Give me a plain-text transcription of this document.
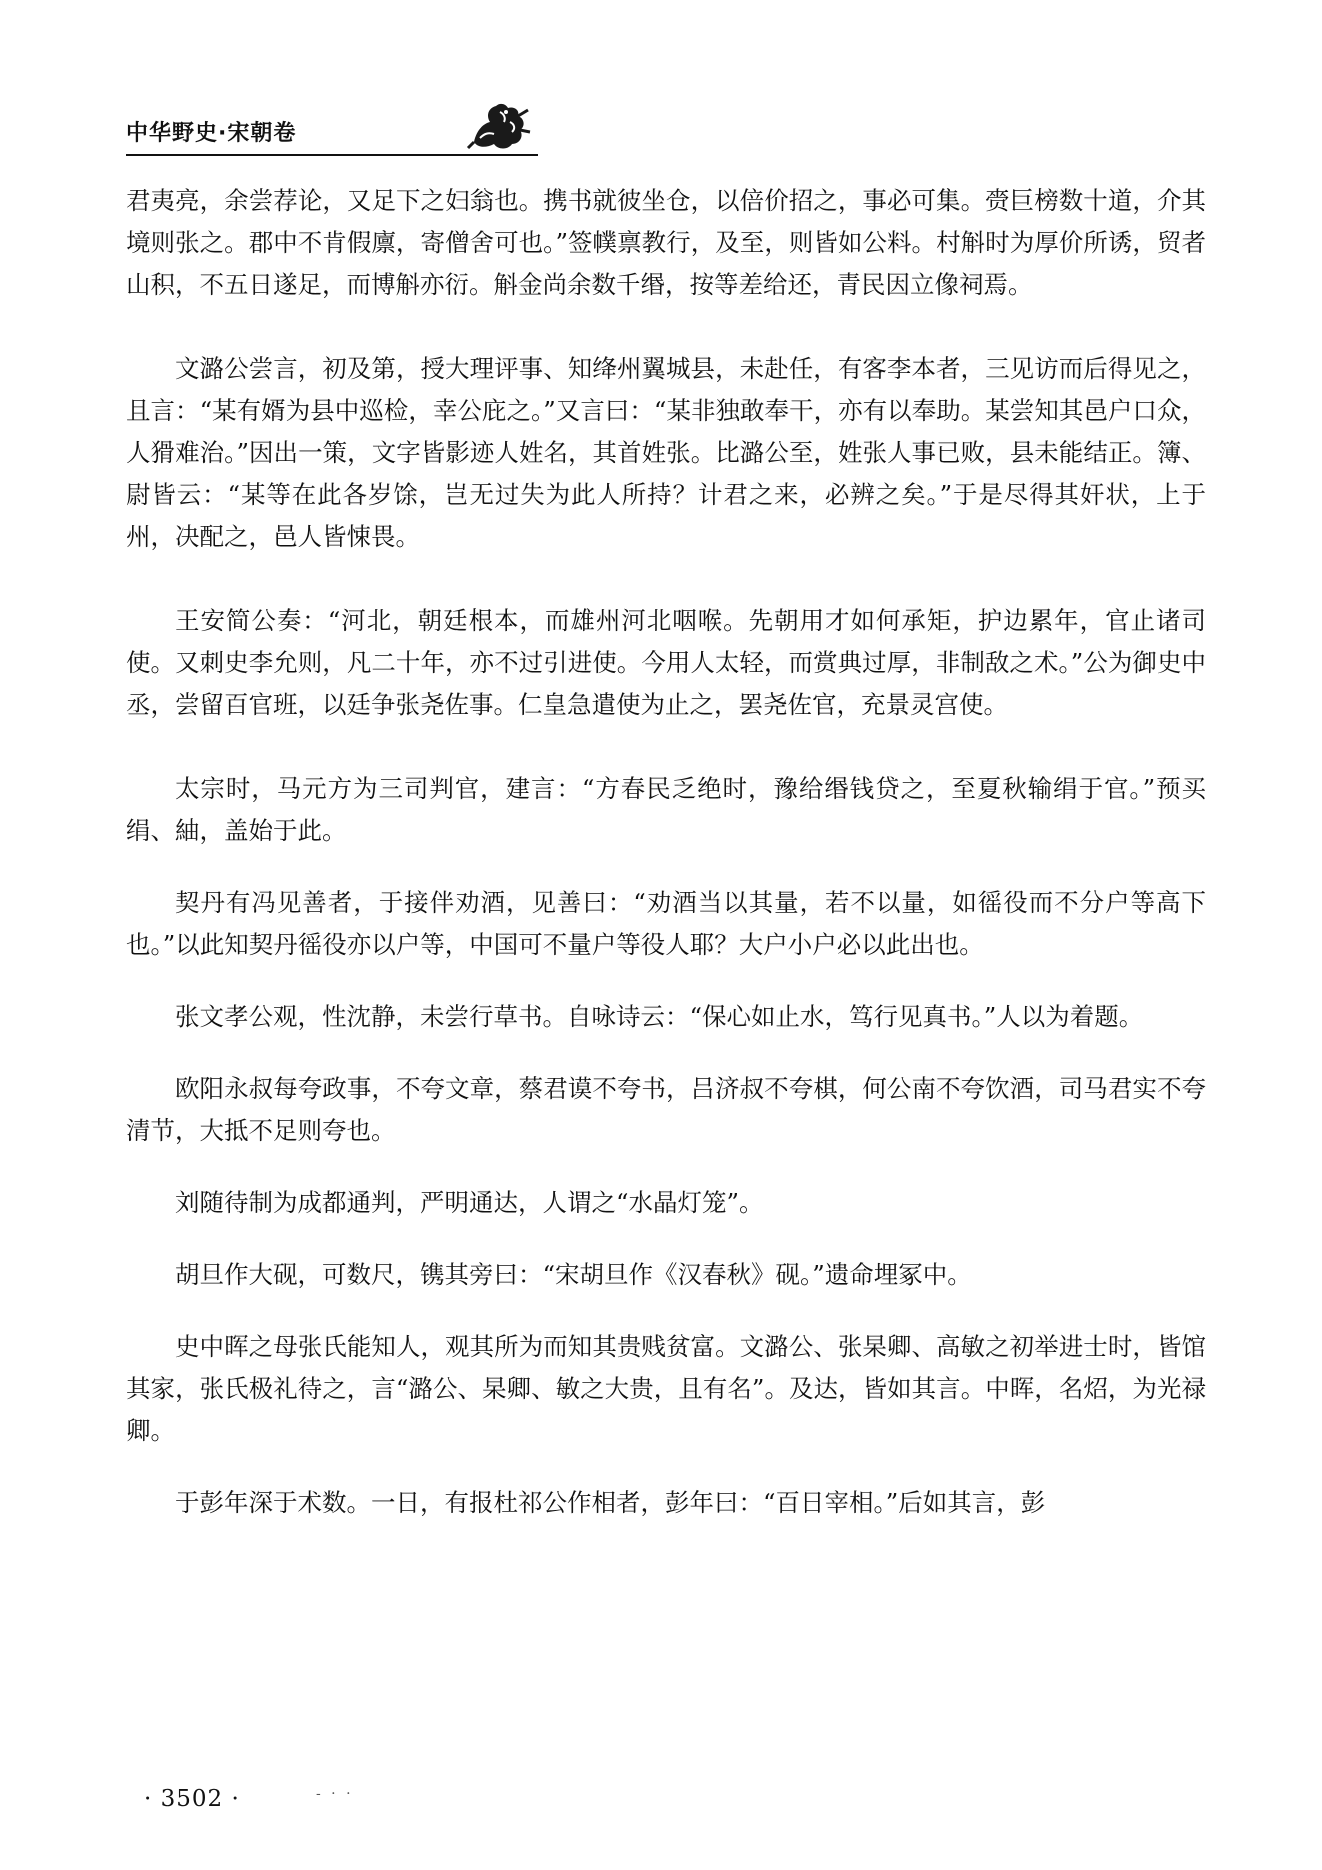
中华野史·宋朝卷

君夷亮，余尝荐论，又足下之妇翁也。携书就彼坐仓，以倍价招之，事必可集。赍巨榜数十道，介其境则张之。郡中不肯假廪，寄僧舍可也。”签幞禀教行，及至，则皆如公料。村斛时为厚价所诱，贸者山积，不五日遂足，而博斛亦衍。斛金尚余数千缗，按等差给还，青民因立像祠焉。

文潞公尝言，初及第，授大理评事、知绛州翼城县，未赴任，有客李本者，三见访而后得见之，且言：“某有婿为县中巡检，幸公庇之。”又言曰：“某非独敢奉干，亦有以奉助。某尝知其邑户口众，人猾难治。”因出一策，文字皆影迹人姓名，其首姓张。比潞公至，姓张人事已败，县未能结正。簿、尉皆云：“某等在此各岁馀，岂无过失为此人所持？计君之来，必辨之矣。”于是尽得其奸状，上于州，决配之，邑人皆悚畏。

王安简公奏：“河北，朝廷根本，而雄州河北咽喉。先朝用才如何承矩，护边累年，官止诸司使。又刺史李允则，凡二十年，亦不过引进使。今用人太轻，而赏典过厚，非制敌之术。”公为御史中丞，尝留百官班，以廷争张尧佐事。仁皇急遣使为止之，罢尧佐官，充景灵宫使。

太宗时，马元方为三司判官，建言：“方春民乏绝时，豫给缗钱贷之，至夏秋输绢于官。”预买绢、紬，盖始于此。

契丹有冯见善者，于接伴劝酒，见善曰：“劝酒当以其量，若不以量，如徭役而不分户等高下也。”以此知契丹徭役亦以户等，中国可不量户等役人耶？大户小户必以此出也。

张文孝公观，性沈静，未尝行草书。自咏诗云：“保心如止水，笃行见真书。”人以为着题。

欧阳永叔每夸政事，不夸文章，蔡君谟不夸书，吕济叔不夸棋，何公南不夸饮酒，司马君实不夸清节，大抵不足则夸也。

刘随待制为成都通判，严明通达，人谓之“水晶灯笼”。

胡旦作大砚，可数尺，镌其旁曰：“宋胡旦作《汉春秋》砚。”遗命埋冢中。

史中晖之母张氏能知人，观其所为而知其贵贱贫富。文潞公、张杲卿、高敏之初举进士时，皆馆其家，张氏极礼待之，言“潞公、杲卿、敏之大贵，且有名”。及达，皆如其言。中晖，名炤，为光禄卿。

于彭年深于术数。一日，有报杜祁公作相者，彭年曰：“百日宰相。”后如其言，彭

· 3502 ·	- · ·
